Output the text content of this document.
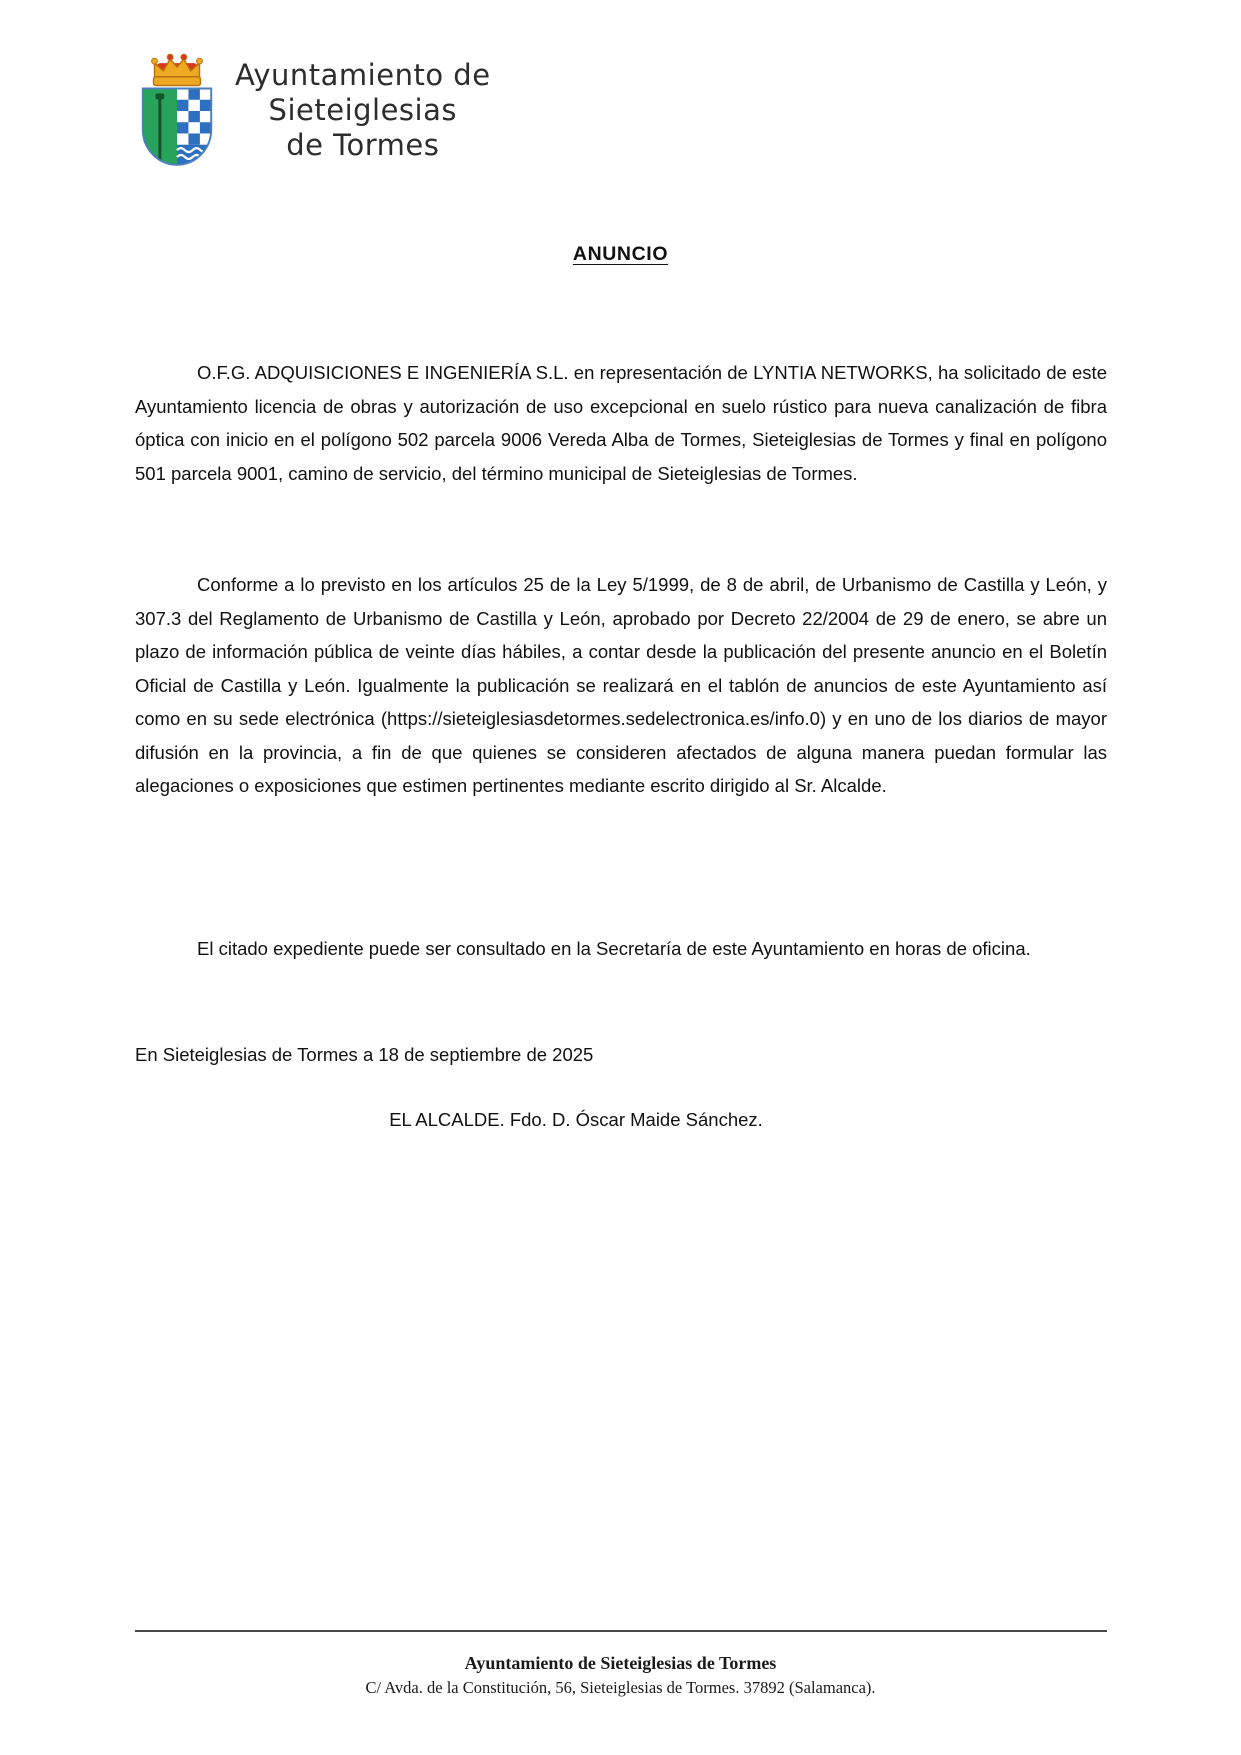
Ayuntamiento de
Sieteiglesias
de Tormes
ANUNCIO

O.F.G. ADQUISICIONES E INGENIERÍA S.L. en representación de LYNTIA NETWORKS, ha solicitado de este Ayuntamiento licencia de obras y autorización de uso excepcional en suelo rústico para nueva canalización de fibra óptica con inicio en el polígono 502 parcela 9006 Vereda Alba de Tormes, Sieteiglesias de Tormes y final en polígono 501 parcela 9001, camino de servicio, del término municipal de Sieteiglesias de Tormes.

Conforme a lo previsto en los artículos 25 de la Ley 5/1999, de 8 de abril, de Urbanismo de Castilla y León, y 307.3 del Reglamento de Urbanismo de Castilla y León, aprobado por Decreto 22/2004 de 29 de enero, se abre un plazo de información pública de veinte días hábiles, a contar desde la publicación del presente anuncio en el Boletín Oficial de Castilla y León. Igualmente la publicación se realizará en el tablón de anuncios de este Ayuntamiento así como en su sede electrónica (https://sieteiglesiasdetormes.sedelectronica.es/info.0) y en uno de los diarios de mayor difusión en la provincia, a fin de que quienes se consideren afectados de alguna manera puedan formular las alegaciones o exposiciones que estimen pertinentes mediante escrito dirigido al Sr. Alcalde.

El citado expediente puede ser consultado en la Secretaría de este Ayuntamiento en horas de oficina.

En Sieteiglesias de Tormes a 18 de septiembre de 2025

EL ALCALDE. Fdo. D. Óscar Maide Sánchez.

Ayuntamiento de Sieteiglesias de Tormes
C/ Avda. de la Constitución, 56, Sieteiglesias de Tormes. 37892 (Salamanca).
